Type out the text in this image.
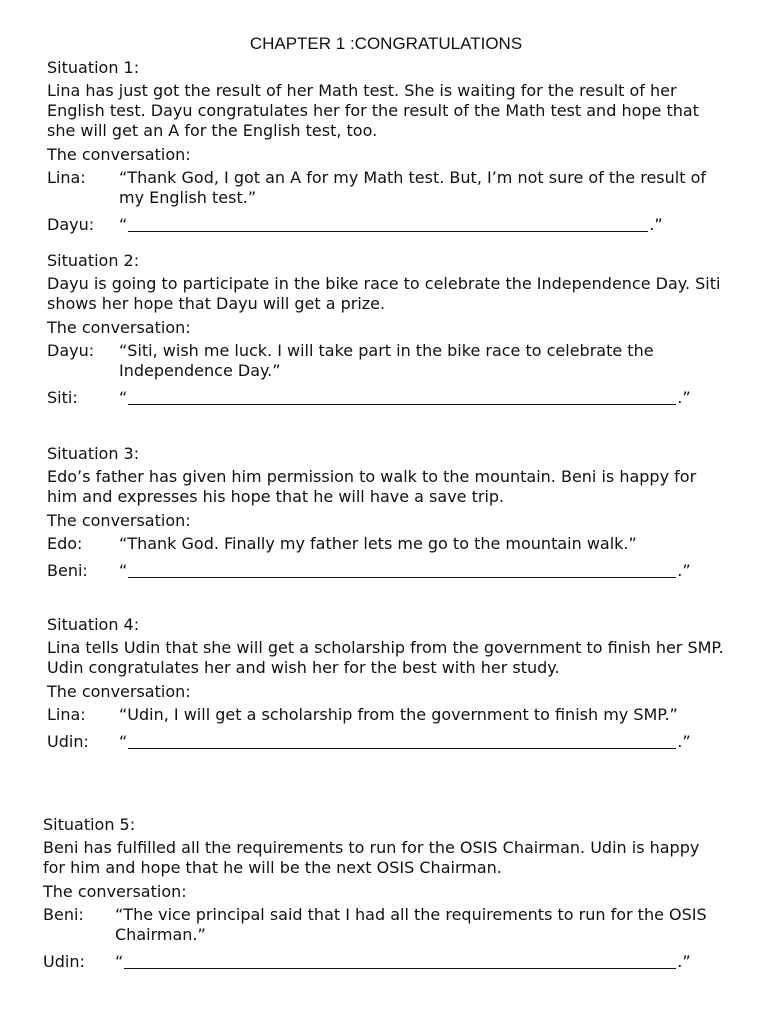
CHAPTER 1 :CONGRATULATIONS
Situation 1:
Lina has just got the result of her Math test. She is waiting for the result of her English test. Dayu congratulates her for the result of the Math test and hope that she will get an A for the English test, too.
The conversation:
Lina:	“Thank God, I got an A for my Math test. But, I’m not sure of the result of my English test.”
Dayu:	“	.”
Situation 2:
Dayu is going to participate in the bike race to celebrate the Independence Day. Siti shows her hope that Dayu will get a prize.
The conversation:
Dayu:	“Siti, wish me luck. I will take part in the bike race to celebrate the Independence Day.”
Siti:	“	.”
Situation 3:
Edo’s father has given him permission to walk to the mountain. Beni is happy for him and expresses his hope that he will have a save trip.
The conversation:
Edo:	“Thank God. Finally my father lets me go to the mountain walk.”
Beni:	“	.”
Situation 4:
Lina tells Udin that she will get a scholarship from the government to finish her SMP. Udin congratulates her and wish her for the best with her study.
The conversation:
Lina:	“Udin, I will get a scholarship from the government to finish my SMP.”
Udin:	“	.”
Situation 5:
Beni has fulfilled all the requirements to run for the OSIS Chairman. Udin is happy for him and hope that he will be the next OSIS Chairman.
The conversation:
Beni:	“The vice principal said that I had all the requirements to run for the OSIS Chairman.”
Udin:	“	.”
